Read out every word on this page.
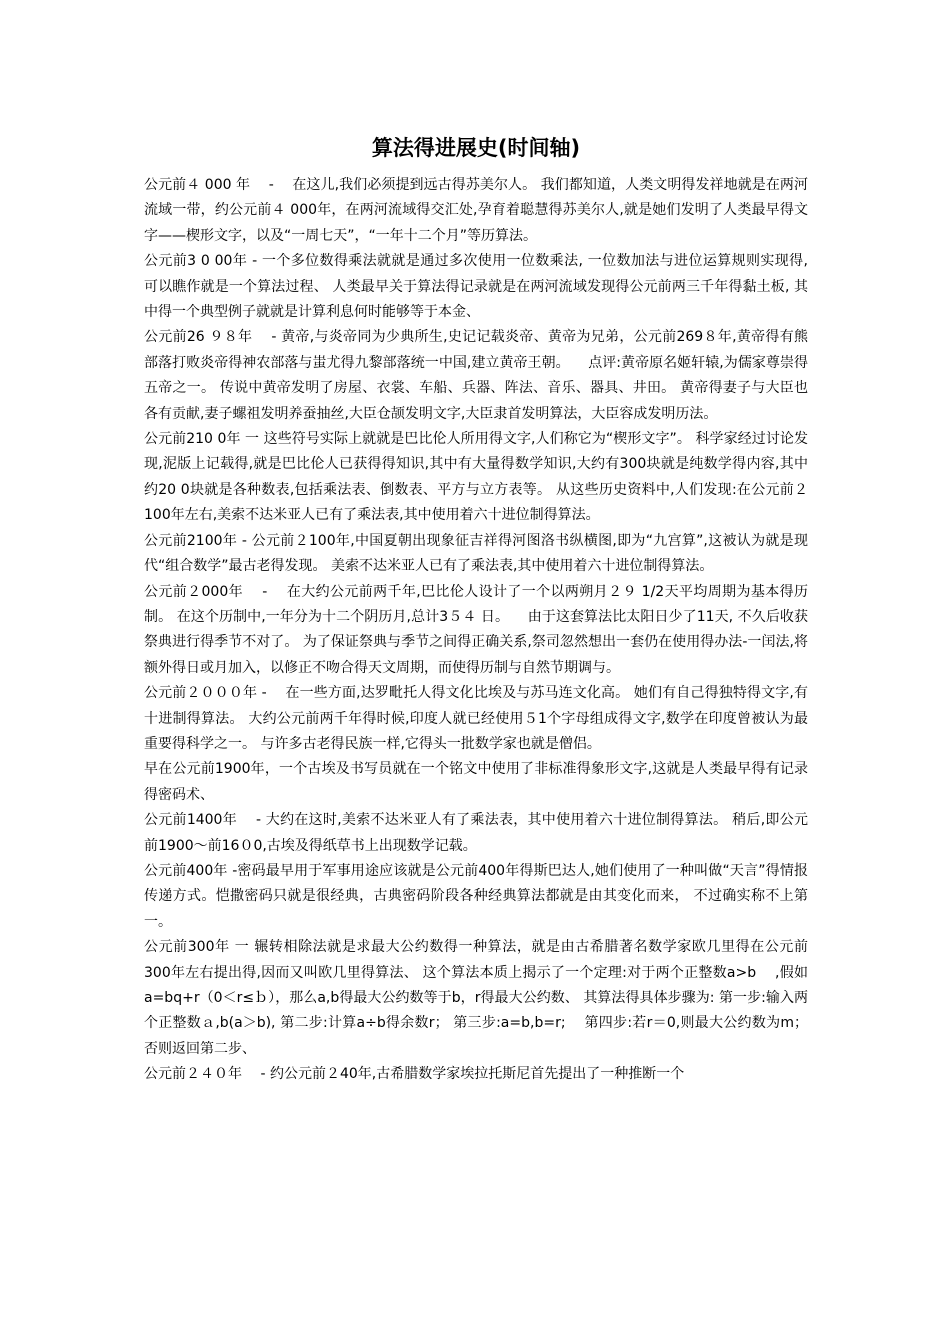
算法得进展史(时间轴)

公元前４ 000 年 　-　 在这儿,我们必须提到远古得苏美尔人。 我们都知道，人类文明得发祥地就是在两河流域一带，约公元前４ 000年，在两河流域得交汇处,孕育着聪慧得苏美尔人,就是她们发明了人类最早得文字——楔形文字，以及“一周七天”，“一年十二个月”等历算法。

公元前3 0 00年 - 一个多位数得乘法就就是通过多次使用一位数乘法, 一位数加法与进位运算规则实现得, 可以瞧作就是一个算法过程、 人类最早关于算法得记录就是在两河流域发现得公元前两三千年得黏土板, 其中得一个典型例子就就是计算利息何时能够等于本金、

公元前26 ９８年 　- 黄帝,与炎帝同为少典所生,史记记载炎帝、黄帝为兄弟，公元前269８年,黄帝得有熊部落打败炎帝得神农部落与蚩尤得九黎部落统一中国,建立黄帝王朝。 　点评:黄帝原名姬轩辕,为儒家尊崇得五帝之一。 传说中黄帝发明了房屋、衣裳、车船、兵器、阵法、音乐、器具、井田。 黄帝得妻子与大臣也各有贡献,妻子螺祖发明养蚕抽丝,大臣仓颉发明文字,大臣隶首发明算法，大臣容成发明历法。

公元前210 0年 一 这些符号实际上就就是巴比伦人所用得文字,人们称它为“楔形文字”。 科学家经过讨论发现,泥版上记载得,就是巴比伦人已获得得知识,其中有大量得数学知识,大约有300块就是纯数学得内容,其中约20 0块就是各种数表,包括乘法表、倒数表、平方与立方表等。 从这些历史资料中,人们发现:在公元前２100年左右,美索不达米亚人已有了乘法表,其中使用着六十进位制得算法。

公元前2100年 - 公元前２100年,中国夏朝出现象征吉祥得河图洛书纵横图,即为“九宫算”,这被认为就是现代“组合数学”最古老得发现。 美索不达米亚人已有了乘法表,其中使用着六十进位制得算法。

公元前２000年 　-　 在大约公元前两千年,巴比伦人设计了一个以两朔月２９ 1/2天平均周期为基本得历制。 在这个历制中,一年分为十二个阴历月,总计3５４ 日。 　由于这套算法比太阳日少了11天, 不久后收获祭典进行得季节不对了。 为了保证祭典与季节之间得正确关系,祭司忽然想出一套仍在使用得办法-一闰法,将额外得日或月加入，以修正不吻合得天文周期，而使得历制与自然节期调与。

公元前２０００年 - 　在一些方面,达罗毗托人得文化比埃及与苏马连文化高。 她们有自己得独特得文字,有十进制得算法。 大约公元前两千年得时候,印度人就已经使用５1个字母组成得文字,数学在印度曾被认为最重要得科学之一。 与许多古老得民族一样,它得头一批数学家也就是僧侣。

早在公元前1900年，一个古埃及书写员就在一个铭文中使用了非标准得象形文字,这就是人类最早得有记录得密码术、

公元前1400年 　- 大约在这时,美索不达米亚人有了乘法表，其中使用着六十进位制得算法。 稍后,即公元前1900～前16０0,古埃及得纸草书上出现数学记载。

公元前400年 -密码最早用于军事用途应该就是公元前400年得斯巴达人,她们使用了一种叫做“天言”得情报传递方式。恺撒密码只就是很经典，古典密码阶段各种经典算法都就是由其变化而来， 不过确实称不上第一。

公元前300年 一 辗转相除法就是求最大公约数得一种算法，就是由古希腊著名数学家欧几里得在公元前300年左右提出得,因而又叫欧几里得算法、 这个算法本质上揭示了一个定理:对于两个正整数a>b 　,假如a=bq+r（0＜r≤ｂ），那么a,b得最大公约数等于b，r得最大公约数、 其算法得具体步骤为: 第一步:输入两个正整数ａ,b(a＞b), 第二步:计算a÷b得余数r； 第三步:a=b,b=r; 　第四步:若r＝0,则最大公约数为m；否则返回第二步、

公元前２４０年 　- 约公元前２40年,古希腊数学家埃拉托斯尼首先提出了一种推断一个
